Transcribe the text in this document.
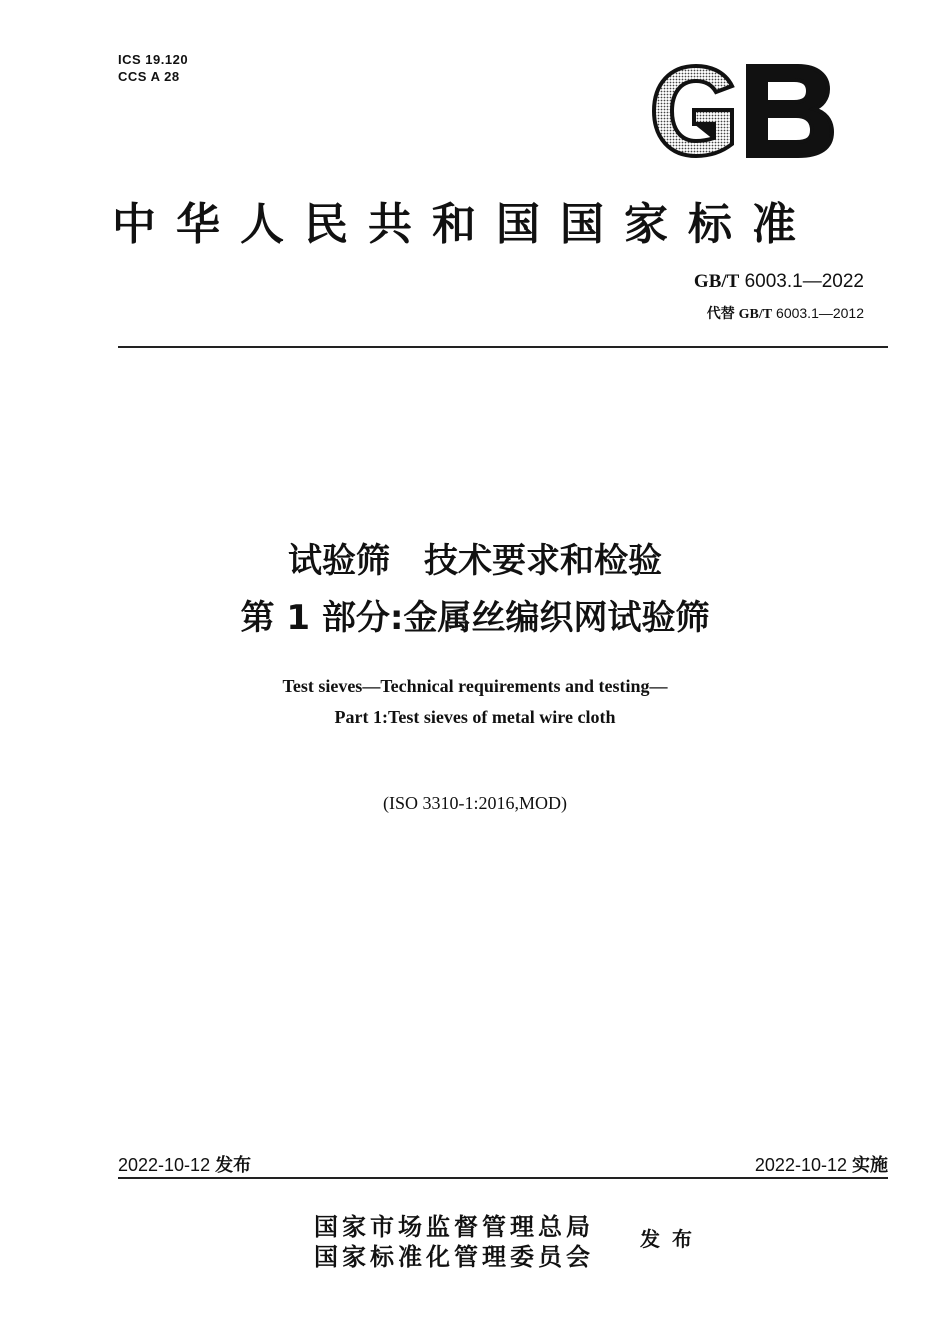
ICS 19.120
CCS A 28
中华人民共和国国家标准
GB/T 6003.1—2022
代替 GB/T 6003.1—2012
试验筛　技术要求和检验
第 1 部分:金属丝编织网试验筛
Test sieves—Technical requirements and testing—
Part 1:Test sieves of metal wire cloth
(ISO 3310-1:2016,MOD)
2022-10-12 发布	2022-10-12 实施
国家市场监督管理总局
国家标准化管理委员会
发布
